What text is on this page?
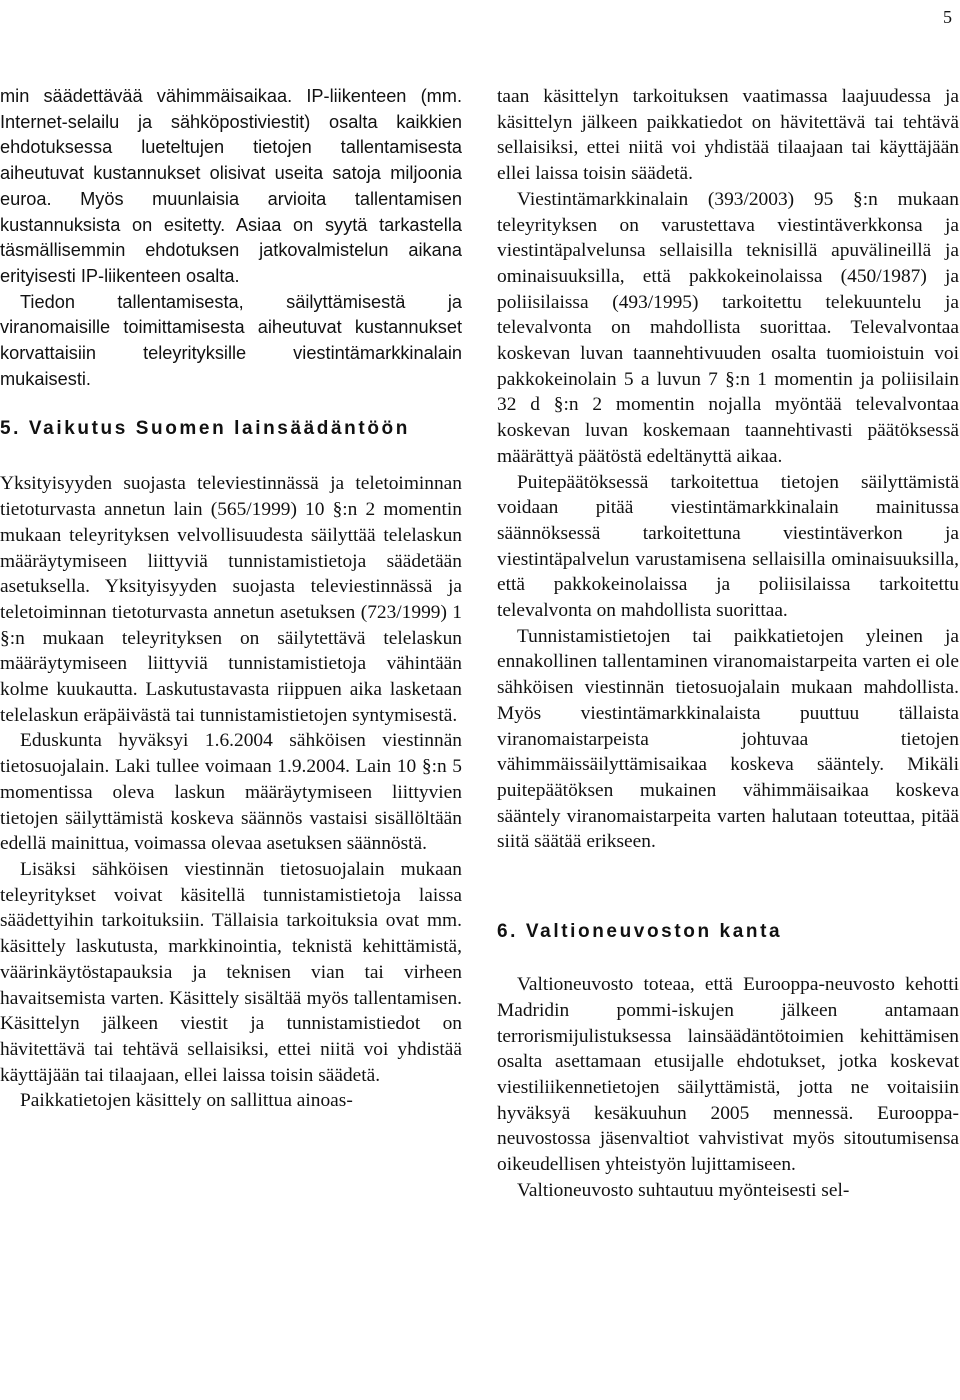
5

min säädettävää vähimmäisaikaa. IP-liikenteen (mm. Internet-selailu ja sähköpostiviestit) osalta kaikkien ehdotuksessa lueteltujen tietojen tallentamisesta aiheutuvat kustannukset olisivat useita satoja miljoonia euroa. Myös muunlaisia arvioita tallentamisen kustannuksista on esitetty. Asiaa on syytä tarkastella täsmällisemmin ehdotuksen jatkovalmistelun aikana erityisesti IP-liikenteen osalta.

Tiedon tallentamisesta, säilyttämisestä ja viranomaisille toimittamisesta aiheutuvat kustannukset korvattaisiin teleyrityksille viestintämarkkinalain mukaisesti.

5. Vaikutus Suomen lainsäädäntöön

Yksityisyyden suojasta televiestinnässä ja teletoiminnan tietoturvasta annetun lain (565/1999) 10 §:n 2 momentin mukaan teleyrityksen velvollisuudesta säilyttää telelaskun määräytymiseen liittyviä tunnistamistietoja säädetään asetuksella. Yksityisyyden suojasta televiestinnässä ja teletoiminnan tietoturvasta annetun asetuksen (723/1999) 1 §:n mukaan teleyrityksen on säilytettävä telelaskun määräytymiseen liittyviä tunnistamistietoja vähintään kolme kuukautta. Laskutustavasta riippuen aika lasketaan telelaskun eräpäivästä tai tunnistamistietojen syntymisestä.

Eduskunta hyväksyi 1.6.2004 sähköisen viestinnän tietosuojalain. Laki tullee voimaan 1.9.2004. Lain 10 §:n 5 momentissa oleva laskun määräytymiseen liittyvien tietojen säilyttämistä koskeva säännös vastaisi sisällöltään edellä mainittua, voimassa olevaa asetuksen säännöstä.

Lisäksi sähköisen viestinnän tietosuojalain mukaan teleyritykset voivat käsitellä tunnistamistietoja laissa säädettyihin tarkoituksiin. Tällaisia tarkoituksia ovat mm. käsittely laskutusta, markkinointia, teknistä kehittämistä, väärinkäytöstapauksia ja teknisen vian tai virheen havaitsemista varten. Käsittely sisältää myös tallentamisen. Käsittelyn jälkeen viestit ja tunnistamistiedot on hävitettävä tai tehtävä sellaisiksi, ettei niitä voi yhdistää käyttäjään tai tilaajaan, ellei laissa toisin säädetä.

Paikkatietojen käsittely on sallittua ainoas-

taan käsittelyn tarkoituksen vaatimassa laajuudessa ja käsittelyn jälkeen paikkatiedot on hävitettävä tai tehtävä sellaisiksi, ettei niitä voi yhdistää tilaajaan tai käyttäjään ellei laissa toisin säädetä.

Viestintämarkkinalain (393/2003) 95 §:n mukaan teleyrityksen on varustettava viestintäverkkonsa ja viestintäpalvelunsa sellaisilla teknisillä apuvälineillä ja ominaisuuksilla, että pakkokeinolaissa (450/1987) ja poliisilaissa (493/1995) tarkoitettu telekuuntelu ja televalvonta on mahdollista suorittaa. Televalvontaa koskevan luvan taannehtivuuden osalta tuomioistuin voi pakkokeinolain 5 a luvun 7 §:n 1 momentin ja poliisilain 32 d §:n 2 momentin nojalla myöntää televalvontaa koskevan luvan koskemaan taannehtivasti päätöksessä määrättyä päätöstä edeltänyttä aikaa.

Puitepäätöksessä tarkoitettua tietojen säilyttämistä voidaan pitää viestintämarkkinalain mainitussa säännöksessä tarkoitettuna viestintäverkon ja viestintäpalvelun varustamisena sellaisilla ominaisuuksilla, että pakkokeinolaissa ja poliisilaissa tarkoitettu televalvonta on mahdollista suorittaa.

Tunnistamistietojen tai paikkatietojen yleinen ja ennakollinen tallentaminen viranomaistarpeita varten ei ole sähköisen viestinnän tietosuojalain mukaan mahdollista. Myös viestintämarkkinalaista puuttuu tällaista viranomaistarpeista johtuvaa tietojen vähimmäissäilyttämisaikaa koskeva sääntely. Mikäli puitepäätöksen mukainen vähimmäisaikaa koskeva sääntely viranomaistarpeita varten halutaan toteuttaa, pitää siitä säätää erikseen.

6. Valtioneuvoston kanta

Valtioneuvosto toteaa, että Eurooppa-neuvosto kehotti Madridin pommi-iskujen jälkeen antamaan terrorismijulistuksessa lainsäädäntötoimien kehittämisen osalta asettamaan etusijalle ehdotukset, jotka koskevat viestiliikennetietojen säilyttämistä, jotta ne voitaisiin hyväksyä kesäkuuhun 2005 mennessä. Eurooppa-neuvostossa jäsenvaltiot vahvistivat myös sitoutumisensa oikeudellisen yhteistyön lujittamiseen.

Valtioneuvosto suhtautuu myönteisesti sel-
